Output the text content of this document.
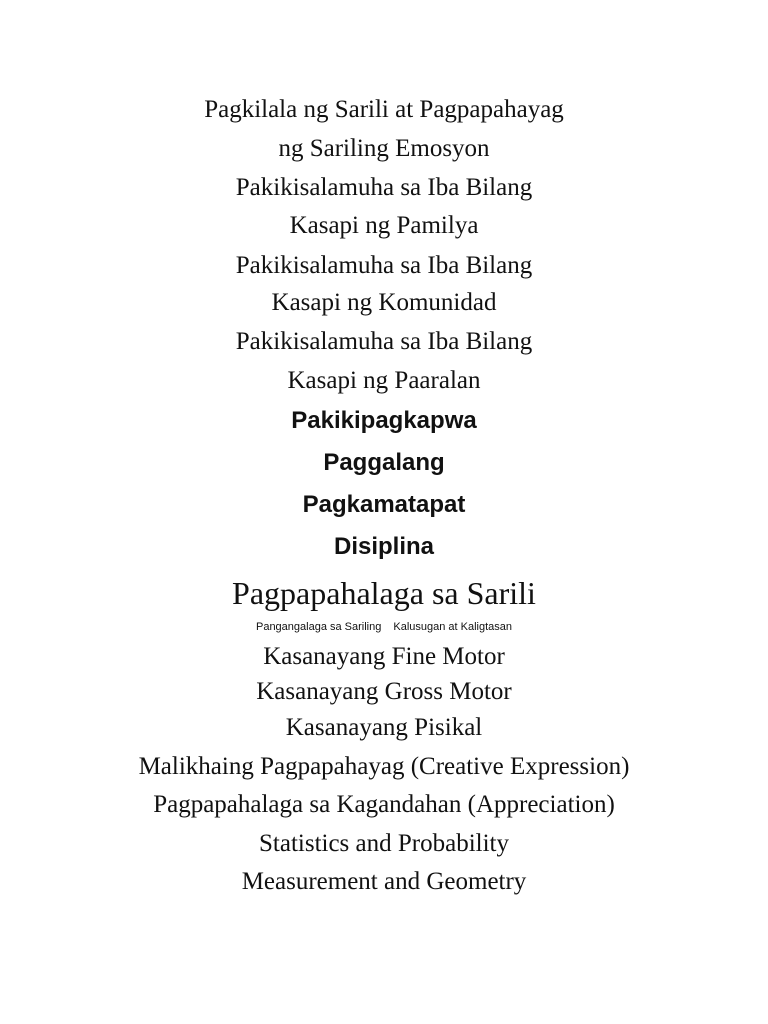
Pagkilala ng Sarili at Pagpapahayag
ng Sariling Emosyon
Pakikisalamuha sa Iba Bilang
Kasapi ng Pamilya
Pakikisalamuha sa Iba Bilang
Kasapi ng Komunidad
Pakikisalamuha sa Iba Bilang
Kasapi ng Paaralan
Pakikipagkapwa
Paggalang
Pagkamatapat
Disiplina
Pagpapahalaga sa Sarili
Pangangalaga sa Sariling Kalusugan at Kaligtasan
Kasanayang Fine Motor
Kasanayang Gross Motor
Kasanayang Pisikal
Malikhaing Pagpapahayag (Creative Expression)
Pagpapahalaga sa Kagandahan (Appreciation)
Statistics and Probability
Measurement and Geometry
